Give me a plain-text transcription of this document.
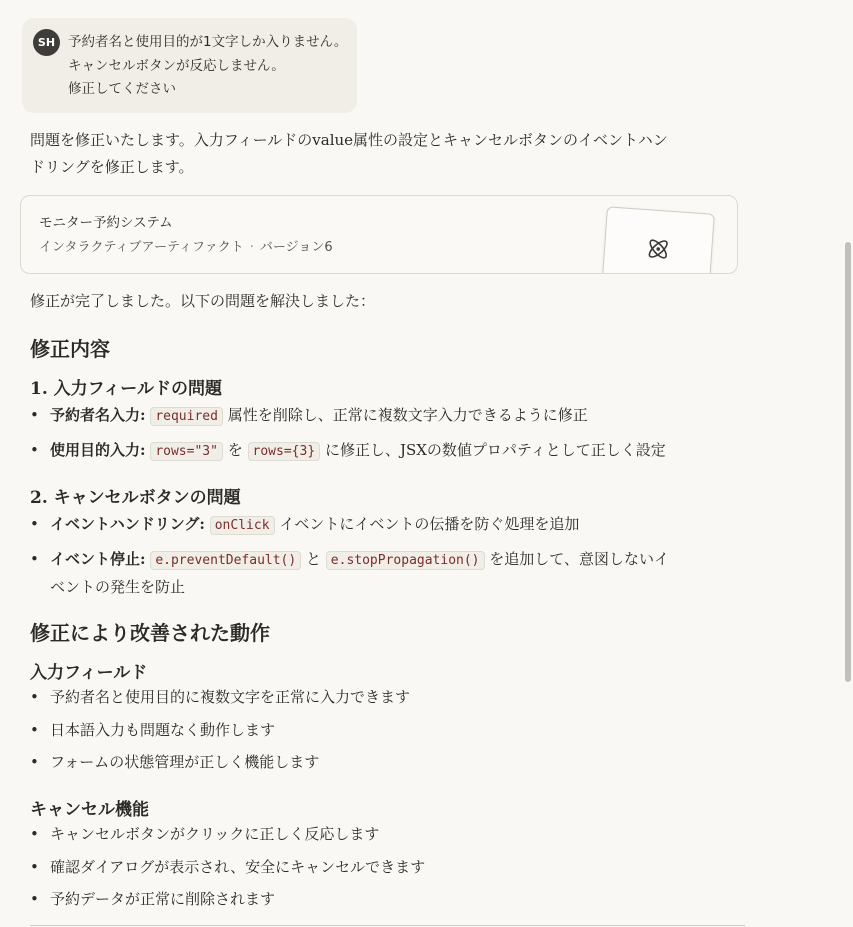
SH 予約者名と使用目的が1文字しか入りません。
キャンセルボタンが反応しません。
修正してください
問題を修正いたします。入力フィールドのvalue属性の設定とキャンセルボタンのイベントハン
ドリングを修正します。
モニター予約システム
インタラクティブアーティファクト · バージョン6
修正が完了しました。以下の問題を解決しました：
修正内容
1. 入力フィールドの問題
• 予約者名入力: required 属性を削除し、正常に複数文字入力できるように修正
• 使用目的入力: rows="3" を rows={3} に修正し、JSXの数値プロパティとして正しく設定
2. キャンセルボタンの問題
• イベントハンドリング: onClick イベントにイベントの伝播を防ぐ処理を追加
• イベント停止: e.preventDefault() と e.stopPropagation() を追加して、意図しないイ
ベントの発生を防止
修正により改善された動作
入力フィールド
• 予約者名と使用目的に複数文字を正常に入力できます
• 日本語入力も問題なく動作します
• フォームの状態管理が正しく機能します
キャンセル機能
• キャンセルボタンがクリックに正しく反応します
• 確認ダイアログが表示され、安全にキャンセルできます
• 予約データが正常に削除されます
